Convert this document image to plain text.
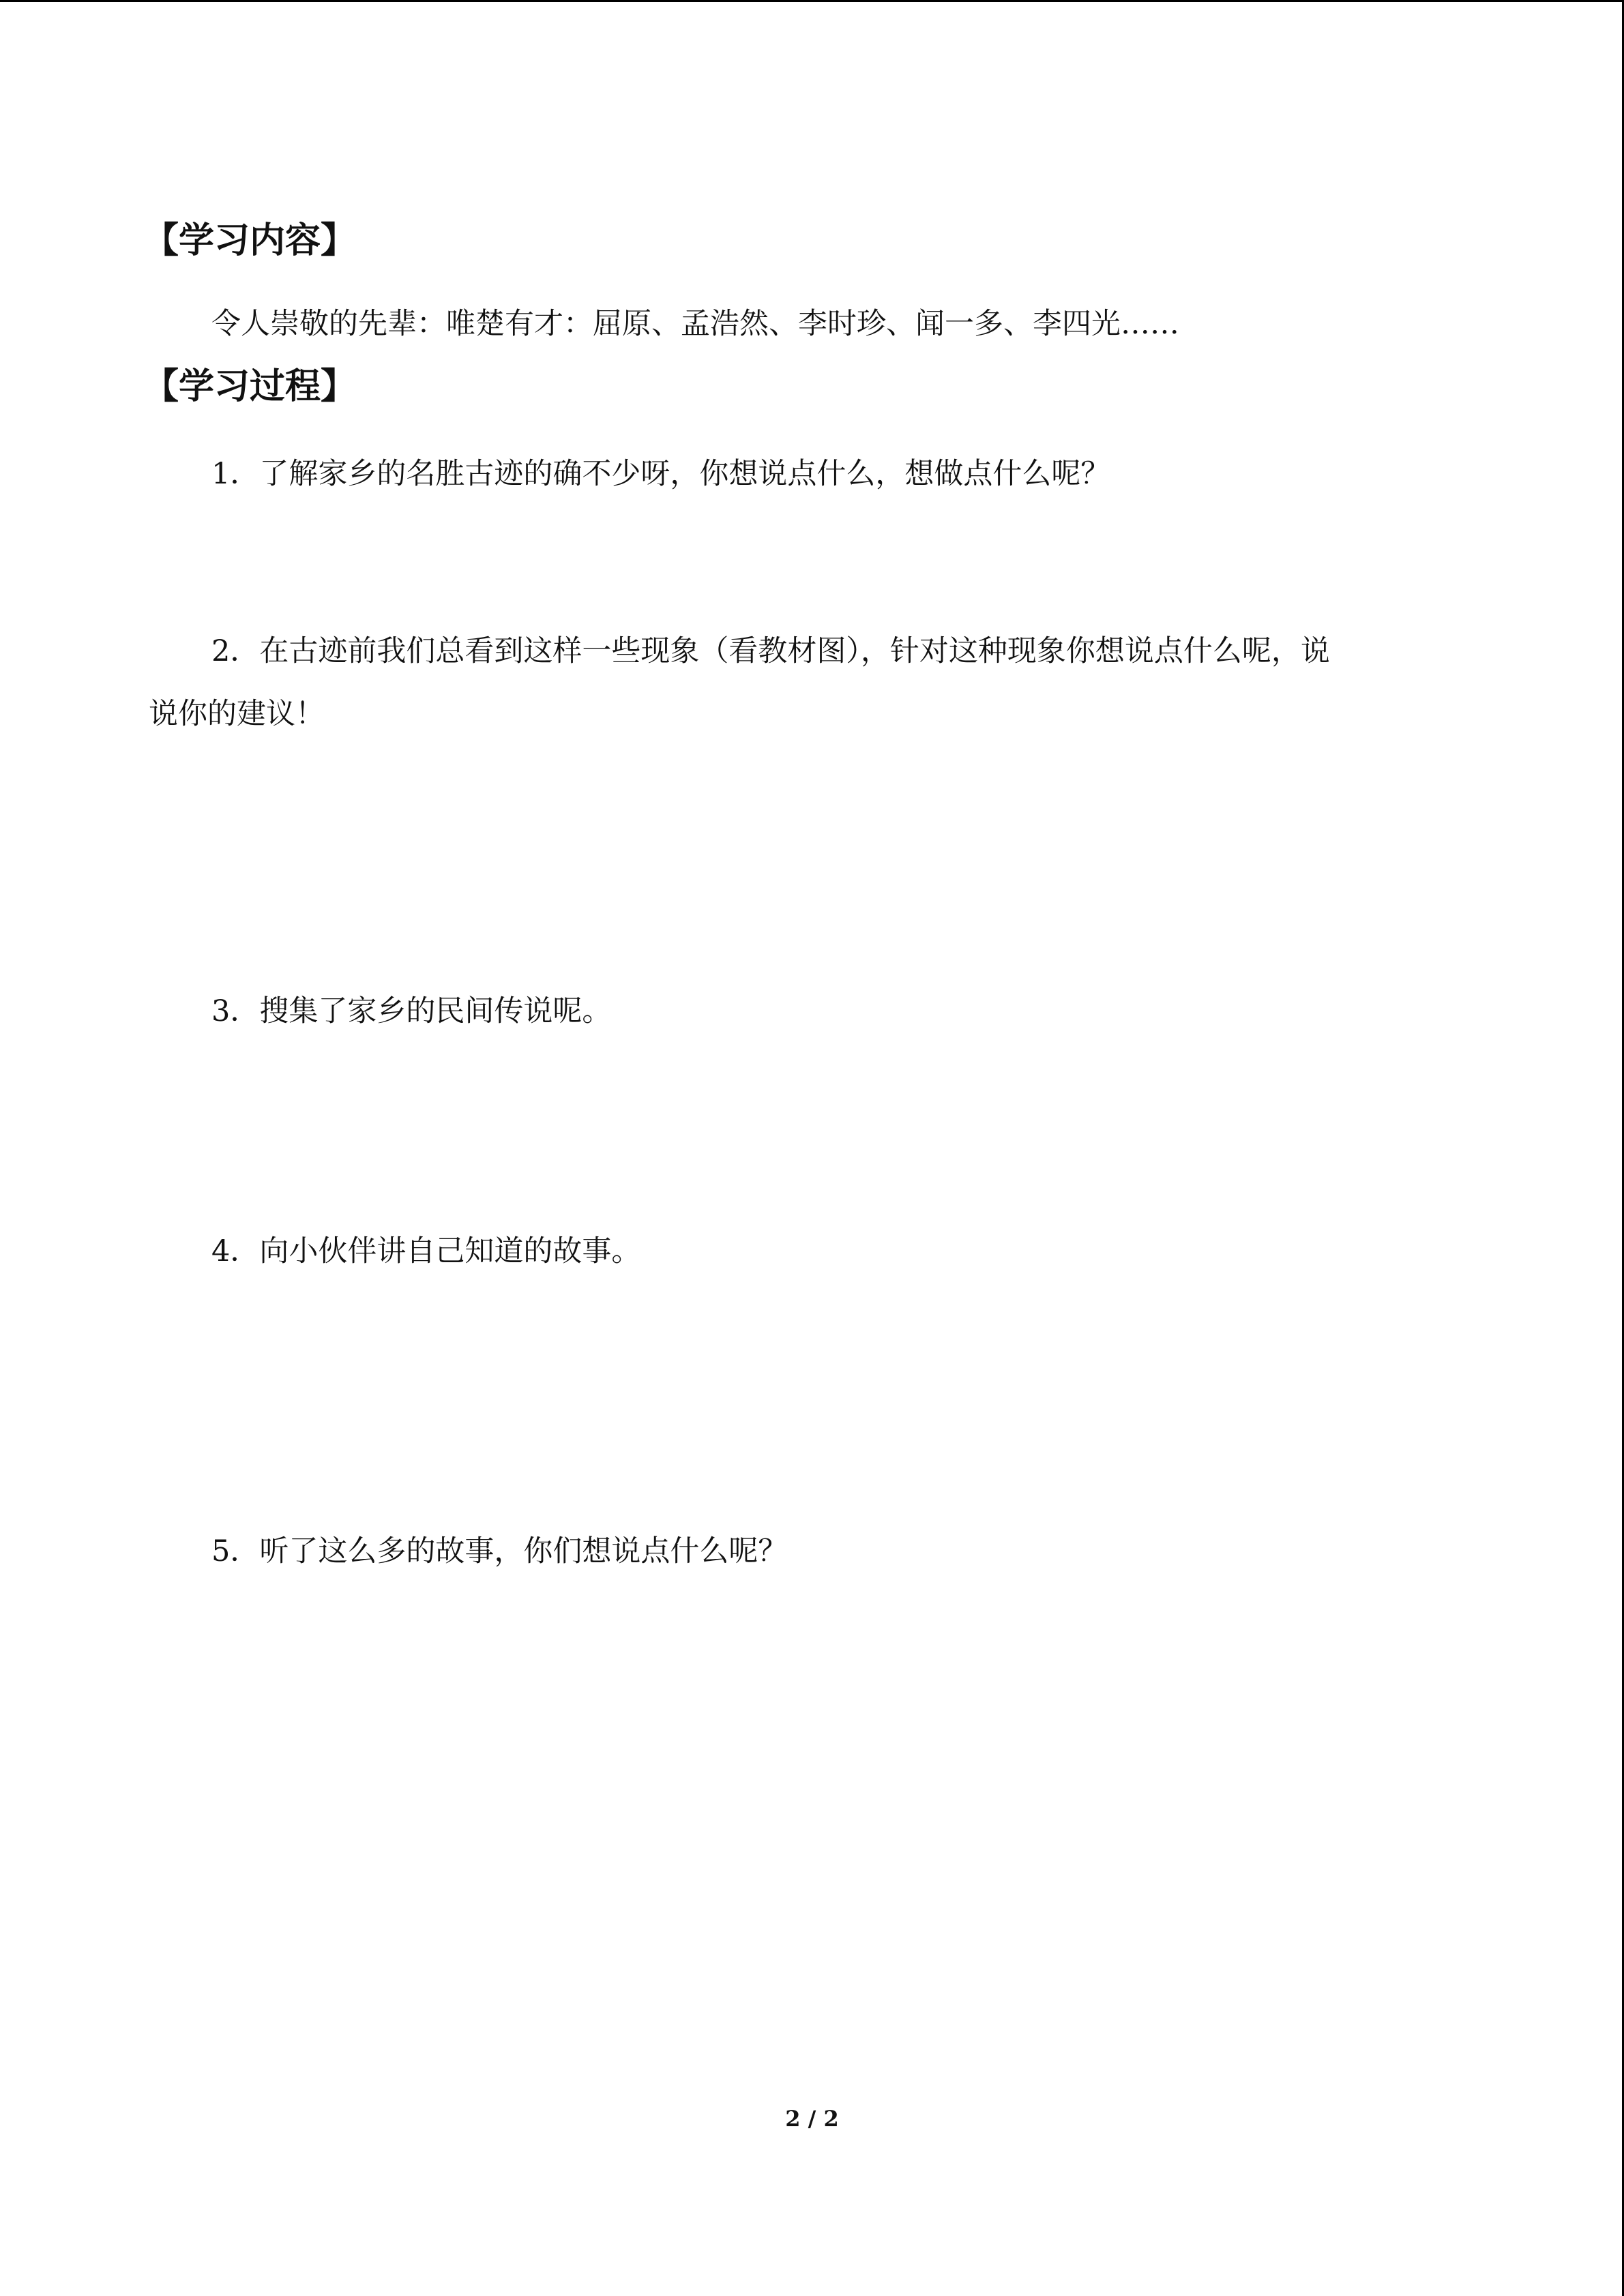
【学习内容】
令人崇敬的先辈：唯楚有才：屈原、孟浩然、李时珍、闻一多、李四光……
【学习过程】
1．了解家乡的名胜古迹的确不少呀，你想说点什么，想做点什么呢？
2．在古迹前我们总看到这样一些现象（看教材图），针对这种现象你想说点什么呢，说
说你的建议！
3．搜集了家乡的民间传说呢。
4．向小伙伴讲自己知道的故事。
5．听了这么多的故事，你们想说点什么呢？
2 / 2
